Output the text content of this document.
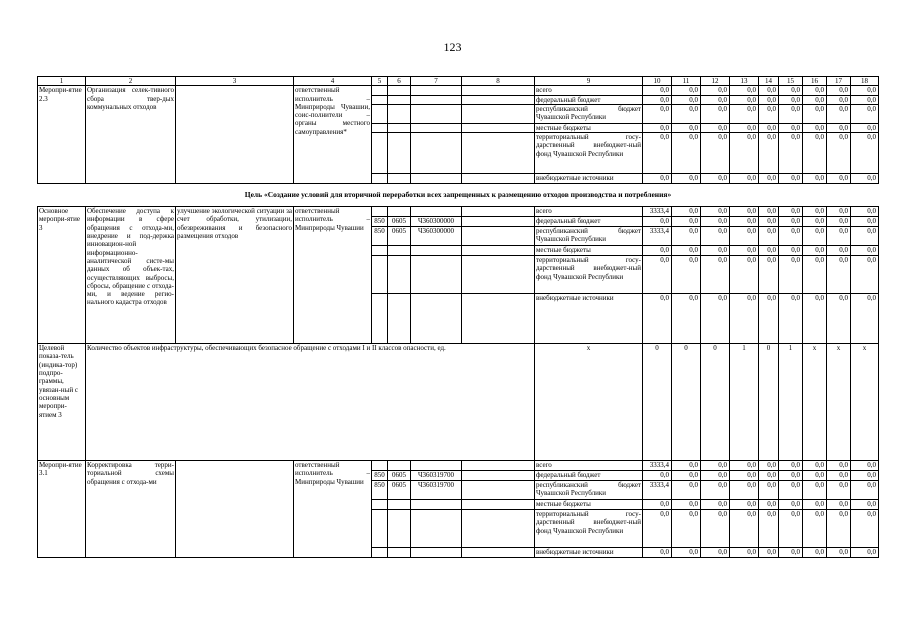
123
1	2	3	4	5	6	7	8	9	10	11	12	13	14	15	16	17	18
Меропри-ятие 2.3	Организация селек-тивного сбора твер-дых коммунальных отходов		ответственный исполнитель – Минприроды Чувашии, соис-полнители – органы местного самоуправления*					всего	0,0	0,0	0,0	0,0	0,0	0,0	0,0	0,0	0,0
								федеральный бюджет	0,0	0,0	0,0	0,0	0,0	0,0	0,0	0,0	0,0
								республиканский бюджет Чувашской Республики	0,0	0,0	0,0	0,0	0,0	0,0	0,0	0,0	0,0
								местные бюджеты	0,0	0,0	0,0	0,0	0,0	0,0	0,0	0,0	0,0
								территориальный госу-дарственный внебюджет-ный фонд Чувашской Республики	0,0	0,0	0,0	0,0	0,0	0,0	0,0	0,0	0,0
								внебюджетные источники	0,0	0,0	0,0	0,0	0,0	0,0	0,0	0,0	0,0
Цель «Создание условий для вторичной переработки всех запрещенных к размещению отходов производства и потребления»																	
Основное меропри-ятие 3	Обеспечение доступа к информации в сфере обращения с отхода-ми, внедрение и под-держка инновацион-ной информационно-аналитической систе-мы данных об объек-тах, осуществляющих выбросы, сбросы, обращение с отхода-ми, и ведение регио-нального кадастра отходов	улучшение экологической ситуации за счет обработки, утилизации, обезвреживания и безопасного размещения отходов	ответственный исполнитель – Минприроды Чувашии					всего	3333,4	0,0	0,0	0,0	0,0	0,0	0,0	0,0	0,0
				850	0605	Ч360300000		федеральный бюджет	0,0	0,0	0,0	0,0	0,0	0,0	0,0	0,0	0,0
				850	0605	Ч360300000		республиканский бюджет Чувашской Республики	3333,4	0,0	0,0	0,0	0,0	0,0	0,0	0,0	0,0
								местные бюджеты	0,0	0,0	0,0	0,0	0,0	0,0	0,0	0,0	0,0
								территориальный госу-дарственный внебюджет-ный фонд Чувашской Республики	0,0	0,0	0,0	0,0	0,0	0,0	0,0	0,0	0,0
								внебюджетные источники	0,0	0,0	0,0	0,0	0,0	0,0	0,0	0,0	0,0
Целевой показа-тель (индика-тор) подпро-граммы, увязан-ный с основным меропри-ятием 3	Количество объектов инфраструктуры, обеспечивающих безопасное обращение с отходами I и II классов опасности, ед.							х	0	0	0	1	0	1	х	х	х
Меропри-ятие 3.1	Корректировка терри-ториальной схемы обращения с отхода-ми		ответственный исполнитель – Минприроды Чувашии					всего	3333,4	0,0	0,0	0,0	0,0	0,0	0,0	0,0	0,0
				850	0605	Ч360319700		федеральный бюджет	0,0	0,0	0,0	0,0	0,0	0,0	0,0	0,0	0,0
				850	0605	Ч360319700		республиканский бюджет Чувашской Республики	3333,4	0,0	0,0	0,0	0,0	0,0	0,0	0,0	0,0
								местные бюджеты	0,0	0,0	0,0	0,0	0,0	0,0	0,0	0,0	0,0
								территориальный госу-дарственный внебюджет-ный фонд Чувашской Республики	0,0	0,0	0,0	0,0	0,0	0,0	0,0	0,0	0,0
								внебюджетные источники	0,0	0,0	0,0	0,0	0,0	0,0	0,0	0,0	0,0
